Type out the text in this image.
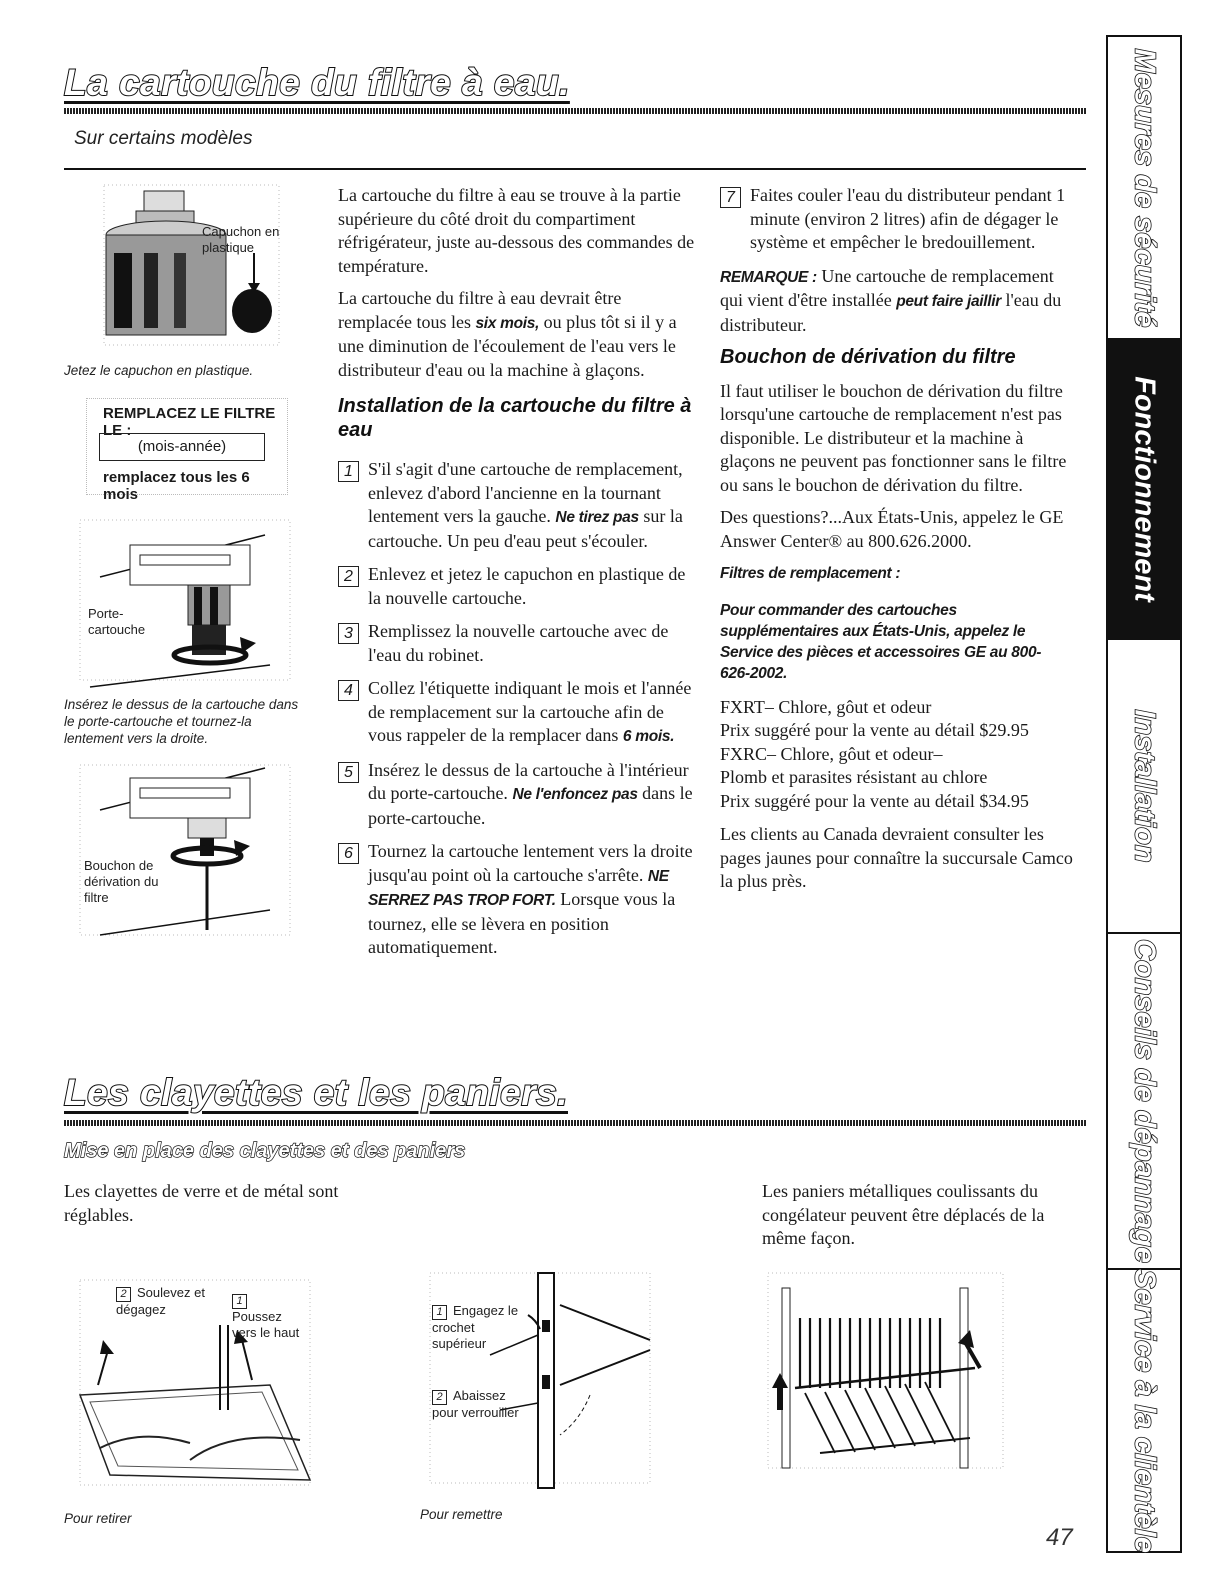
La cartouche du filtre à eau.
Sur certains modèles
Capuchon en plastique
Jetez le capuchon en plastique.
REMPLACEZ LE FILTRE LE :
(mois-année)
remplacez tous les 6 mois
Porte-cartouche
Insérez le dessus de la cartouche dans le porte-cartouche et tournez-la lentement vers la droite.
Bouchon de dérivation du filtre

La cartouche du filtre à eau se trouve à la partie supérieure du côté droit du compartiment réfrigérateur, juste au-dessous des commandes de température.

La cartouche du filtre à eau devrait être remplacée tous les six mois, ou plus tôt si il y a une diminution de l'écoulement de l'eau vers le distributeur d'eau ou la machine à glaçons.

Installation de la cartouche du filtre à eau
1 S'il s'agit d'une cartouche de remplacement, enlevez d'abord l'ancienne en la tournant lentement vers la gauche. Ne tirez pas sur la cartouche. Un peu d'eau peut s'écouler.
2 Enlevez et jetez le capuchon en plastique de la nouvelle cartouche.
3 Remplissez la nouvelle cartouche avec de l'eau du robinet.
4 Collez l'étiquette indiquant le mois et l'année de remplacement sur la cartouche afin de vous rappeler de la remplacer dans 6 mois.
5 Insérez le dessus de la cartouche à l'intérieur du porte-cartouche. Ne l'enfoncez pas dans le porte-cartouche.
6 Tournez la cartouche lentement vers la droite jusqu'au point où la cartouche s'arrête. NE SERREZ PAS TROP FORT. Lorsque vous la tournez, elle se lèvera en position automatiquement.
7 Faites couler l'eau du distributeur pendant 1 minute (environ 2 litres) afin de dégager le système et empêcher le bredouillement.

REMARQUE : Une cartouche de remplacement qui vient d'être installée peut faire jaillir l'eau du distributeur.

Bouchon de dérivation du filtre

Il faut utiliser le bouchon de dérivation du filtre lorsqu'une cartouche de remplacement n'est pas disponible. Le distributeur et la machine à glaçons ne peuvent pas fonctionner sans le filtre ou sans le bouchon de dérivation du filtre.

Des questions?...Aux États-Unis, appelez le GE Answer Center® au 800.626.2000.

Filtres de remplacement :
Pour commander des cartouches supplémentaires aux États-Unis, appelez le Service des pièces et accessoires GE au 800-626-2002.
FXRT– Chlore, gôut et odeur
Prix suggéré pour la vente au détail $29.95
FXRC– Chlore, gôut et odeur–
Plomb et parasites résistant au chlore
Prix suggéré pour la vente au détail $34.95

Les clients au Canada devraient consulter les pages jaunes pour connaître la succursale Camco la plus près.

Les clayettes et les paniers.
Mise en place des clayettes et des paniers
Les clayettes de verre et de métal sont réglables.
Les paniers métalliques coulissants du congélateur peuvent être déplacés de la même façon.
2 Soulevez et dégagez
1Poussez vers le haut
Pour retirer
1 Engagez le crochet supérieur
2 Abaissez pour verrouiller
Pour remettre
47
Mesures de sécurité
Fonctionnement
Installation
Conseils de dépannage
Service à la clientèle
